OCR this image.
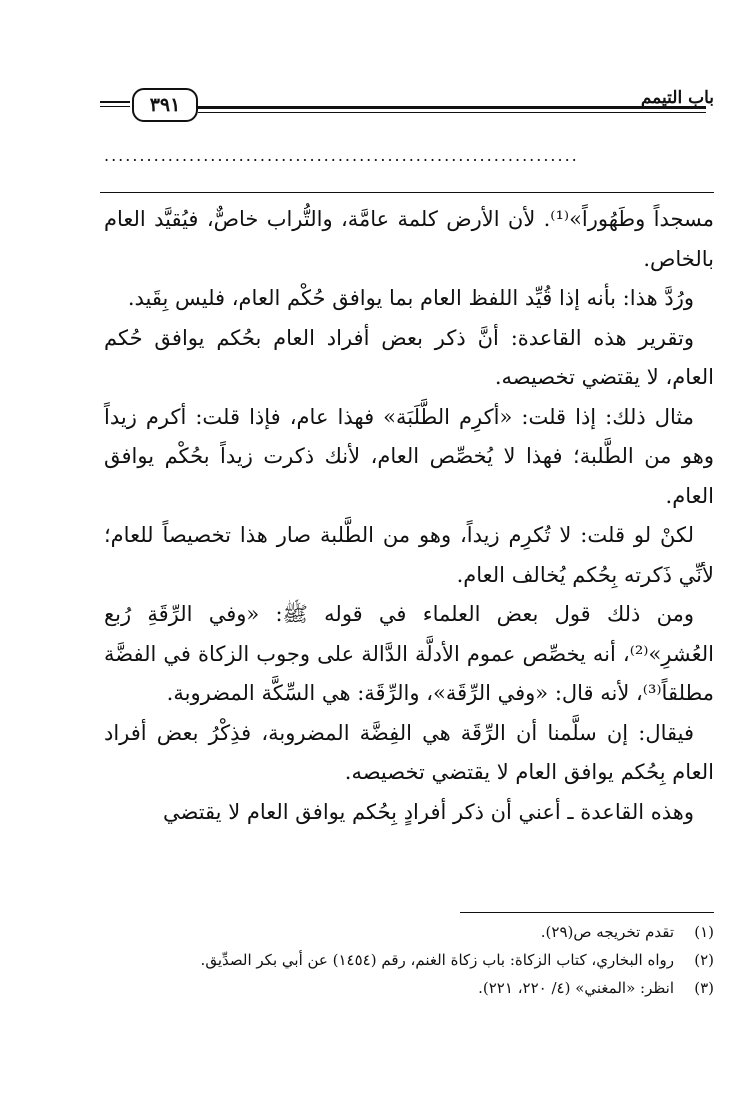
٣٩١	باب التيمم
...................................................................

مسجداً وطَهُوراً»⁽¹⁾. لأن الأرض كلمة عامَّة، والتُّراب خاصٌّ، فيُقيَّد العام بالخاص.

ورُدَّ هذا: بأنه إذا قُيِّد اللفظ العام بما يوافق حُكْم العام، فليس بِقَيد.

وتقرير هذه القاعدة: أنَّ ذكر بعض أفراد العام بحُكم يوافق حُكم العام، لا يقتضي تخصيصه.

مثال ذلك: إذا قلت: «أكرِم الطَّلَبَة» فهذا عام، فإذا قلت: أكرم زيداً وهو من الطَّلبة؛ فهذا لا يُخصِّص العام، لأنك ذكرت زيداً بحُكْم يوافق العام.

لكنْ لو قلت: لا تُكرِم زيداً، وهو من الطَّلبة صار هذا تخصيصاً للعام؛ لأنِّي ذَكرته بِحُكم يُخالف العام.

ومن ذلك قول بعض العلماء في قوله ﷺ: «وفي الرِّقَةِ رُبع العُشرِ»⁽²⁾، أنه يخصِّص عموم الأدلَّة الدَّالة على وجوب الزكاة في الفضَّة مطلقاً⁽³⁾، لأنه قال: «وفي الرِّقَة»، والرِّقَة: هي السِّكَّة المضروبة.

فيقال: إن سلَّمنا أن الرِّقَة هي الفِضَّة المضروبة، فذِكْرُ بعض أفراد العام بِحُكم يوافق العام لا يقتضي تخصيصه.

وهذه القاعدة ـ أعني أن ذكر أفرادٍ بِحُكم يوافق العام لا يقتضي

(١)
تقدم تخريجه ص(٢٩).
(٢)
رواه البخاري، كتاب الزكاة: باب زكاة الغنم، رقم (١٤٥٤) عن أبي بكر الصدِّيق.
(٣)
انظر: «المغني» (٤/ ٢٢٠، ٢٢١).
